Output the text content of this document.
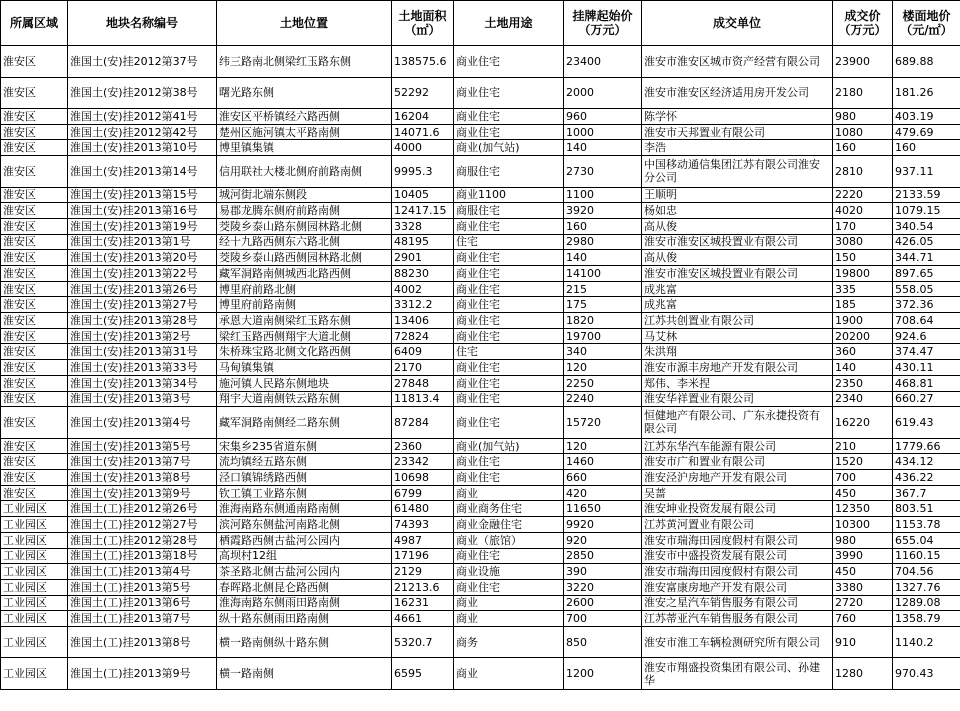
所属区域	地块名称编号	土地位置	土地面积（㎡）	土地用途	挂牌起始价（万元）	成交单位	成交价（万元）	楼面地价（元/㎡）
淮安区	淮国土(安)挂2012第37号	纬三路南北侧梁红玉路东侧	138575.6	商业住宅	23400	淮安市淮安区城市资产经营有限公司	23900	689.88
淮安区	淮国土(安)挂2012第38号	曙光路东侧	52292	商业住宅	2000	淮安市淮安区经济适用房开发公司	2180	181.26
淮安区	淮国土(安)挂2012第41号	淮安区平桥镇经六路西侧	16204	商业住宅	960	陈学怀	980	403.19
淮安区	淮国土(安)挂2012第42号	楚州区施河镇太平路南侧	14071.6	商业住宅	1000	淮安市天邦置业有限公司	1080	479.69
淮安区	淮国土(安)挂2013第10号	博里镇集镇	4000	商业(加气站)	140	李浩	160	160
淮安区	淮国土(安)挂2013第14号	信用联社大楼北侧府前路南侧	9995.3	商服住宅	2730	中国移动通信集团江苏有限公司淮安分公司	2810	937.11
淮安区	淮国土(安)挂2013第15号	城河街北端东侧段	10405	商业1100	1100	王顺明	2220	2133.59
淮安区	淮国土(安)挂2013第16号	易郡龙腾东侧府前路南侧	12417.15	商服住宅	3920	杨如忠	4020	1079.15
淮安区	淮国土(安)挂2013第19号	茭陵乡泰山路东侧园林路北侧	3328	商业住宅	160	高从俊	170	340.54
淮安区	淮国土(安)挂2013第1号	经十九路西侧东六路北侧	48195	住宅	2980	淮安市淮安区城投置业有限公司	3080	426.05
淮安区	淮国土(安)挂2013第20号	茭陵乡泰山路西侧园林路北侧	2901	商业住宅	140	高从俊	150	344.71
淮安区	淮国土(安)挂2013第22号	藏军洞路南侧城西北路西侧	88230	商业住宅	14100	淮安市淮安区城投置业有限公司	19800	897.65
淮安区	淮国土(安)挂2013第26号	博里府前路北侧	4002	商业住宅	215	成兆富	335	558.05
淮安区	淮国土(安)挂2013第27号	博里府前路南侧	3312.2	商业住宅	175	成兆富	185	372.36
淮安区	淮国土(安)挂2013第28号	承恩大道南侧梁红玉路东侧	13406	商业住宅	1820	江苏共创置业有限公司	1900	708.64
淮安区	淮国土(安)挂2013第2号	梁红玉路西侧翔宇大道北侧	72824	商业住宅	19700	马艾林	20200	924.6
淮安区	淮国土(安)挂2013第31号	朱桥珠宝路北侧文化路西侧	6409	住宅	340	朱洪翔	360	374.47
淮安区	淮国土(安)挂2013第33号	马甸镇集镇	2170	商业住宅	120	淮安市源丰房地产开发有限公司	140	430.11
淮安区	淮国土(安)挂2013第34号	施河镇人民路东侧地块	27848	商业住宅	2250	郑伟、李米捏	2350	468.81
淮安区	淮国土(安)挂2013第3号	翔宇大道南侧铁云路东侧	11813.4	商业住宅	2240	淮安华祥置业有限公司	2340	660.27
淮安区	淮国土(安)挂2013第4号	藏军洞路南侧经二路东侧	87284	商业住宅	15720	恒健地产有限公司、广东永捷投资有限公司	16220	619.43
淮安区	淮国土(安)挂2013第5号	宋集乡235省道东侧	2360	商业(加气站)	120	江苏东华汽车能源有限公司	210	1779.66
淮安区	淮国土(安)挂2013第7号	流均镇经五路东侧	23342	商业住宅	1460	淮安市广和置业有限公司	1520	434.12
淮安区	淮国土(安)挂2013第8号	泾口镇锦绣路西侧	10698	商业住宅	660	淮安泾沪房地产开发有限公司	700	436.22
淮安区	淮国土(安)挂2013第9号	钦工镇工业路东侧	6799	商业	420	吴蔷	450	367.7
工业园区	淮国土(工)挂2012第26号	淮海南路东侧通南路南侧	61480	商业商务住宅	11650	淮安坤业投资发展有限公司	12350	803.51
工业园区	淮国土(工)挂2012第27号	滨河路东侧盐河南路北侧	74393	商业金融住宅	9920	江苏黄河置业有限公司	10300	1153.78
工业园区	淮国土(工)挂2012第28号	栖霞路西侧古盐河公园内	4987	商业（旅馆）	920	淮安市瑞海田园度假村有限公司	980	655.04
工业园区	淮国土(工)挂2013第18号	高坝村12组	17196	商业住宅	2850	淮安市中盛投资发展有限公司	3990	1160.15
工业园区	淮国土(工)挂2013第4号	茶圣路北侧古盐河公园内	2129	商业设施	390	淮安市瑞海田园度假村有限公司	450	704.56
工业园区	淮国土(工)挂2013第5号	春晖路北侧昆仑路西侧	21213.6	商业住宅	3220	淮安富康房地产开发有限公司	3380	1327.76
工业园区	淮国土(工)挂2013第6号	淮海南路东侧雨田路南侧	16231	商业	2600	淮安之星汽车销售服务有限公司	2720	1289.08
工业园区	淮国土(工)挂2013第7号	纵十路东侧雨田路南侧	4661	商业	700	江苏蒂亚汽车销售服务有限公司	760	1358.79
工业园区	淮国土(工)挂2013第8号	横一路南侧纵十路东侧	5320.7	商务	850	淮安市淮工车辆检测研究所有限公司	910	1140.2
工业园区	淮国土(工)挂2013第9号	横一路南侧	6595	商业	1200	淮安市翔盛投资集团有限公司、孙建华	1280	970.43
